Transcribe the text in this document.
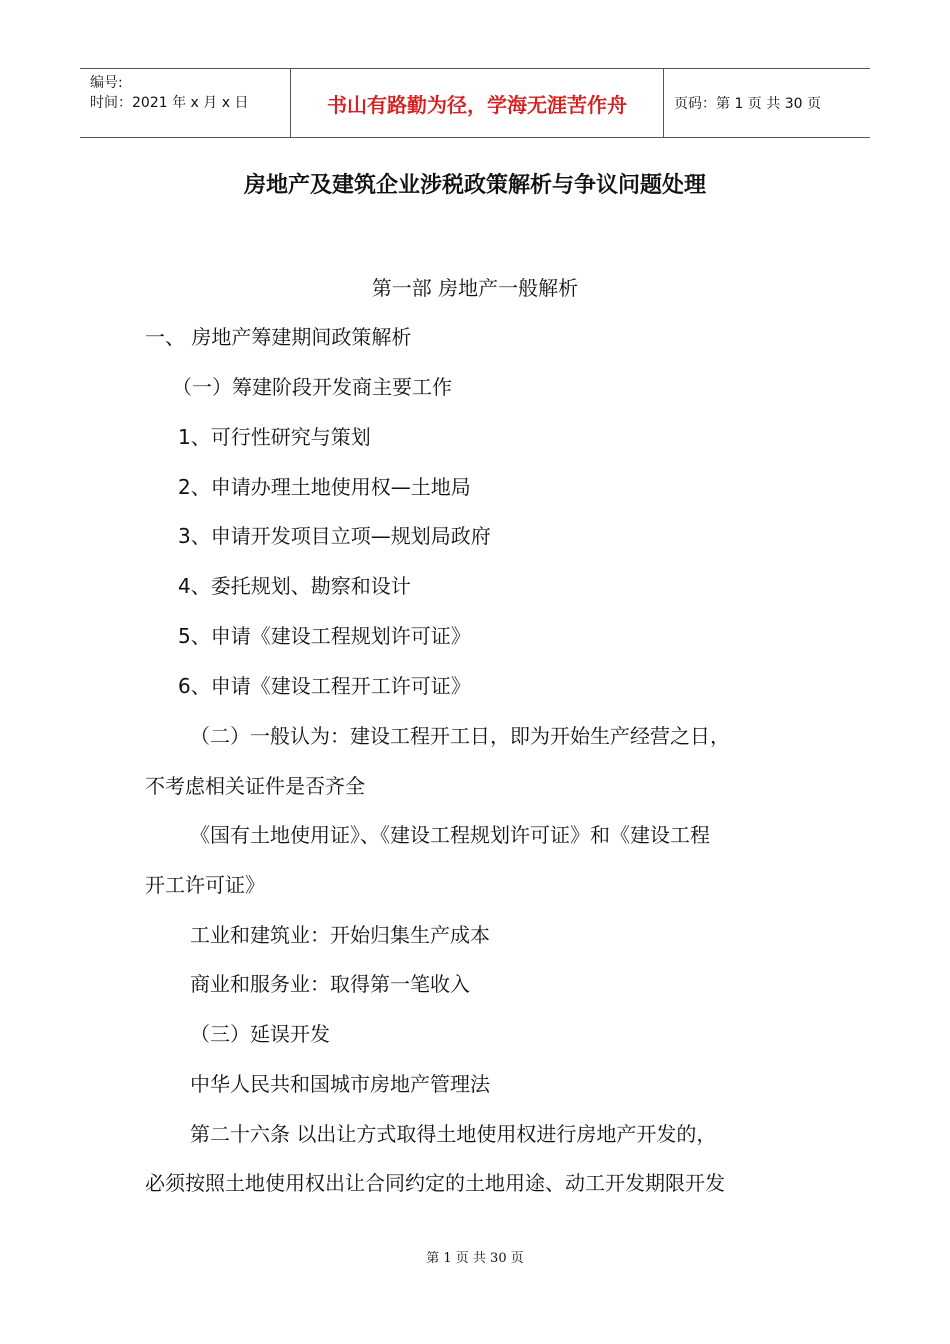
编号:
时间：2021 年 x 月 x 日	书山有路勤为径，学海无涯苦作舟	页码：第 1 页 共 30 页
房地产及建筑企业涉税政策解析与争议问题处理
第一部 房地产一般解析
一、 房地产筹建期间政策解析
（一）筹建阶段开发商主要工作
1、可行性研究与策划
2、申请办理土地使用权—土地局
3、申请开发项目立项—规划局政府
4、委托规划、勘察和设计
5、申请《建设工程规划许可证》
6、申请《建设工程开工许可证》
（二）一般认为：建设工程开工日，即为开始生产经营之日，
不考虑相关证件是否齐全
《国有土地使用证》、《建设工程规划许可证》和《建设工程
开工许可证》
工业和建筑业：开始归集生产成本
商业和服务业：取得第一笔收入
（三）延误开发
中华人民共和国城市房地产管理法
第二十六条 以出让方式取得土地使用权进行房地产开发的，
必须按照土地使用权出让合同约定的土地用途、动工开发期限开发
第 1 页 共 30 页
